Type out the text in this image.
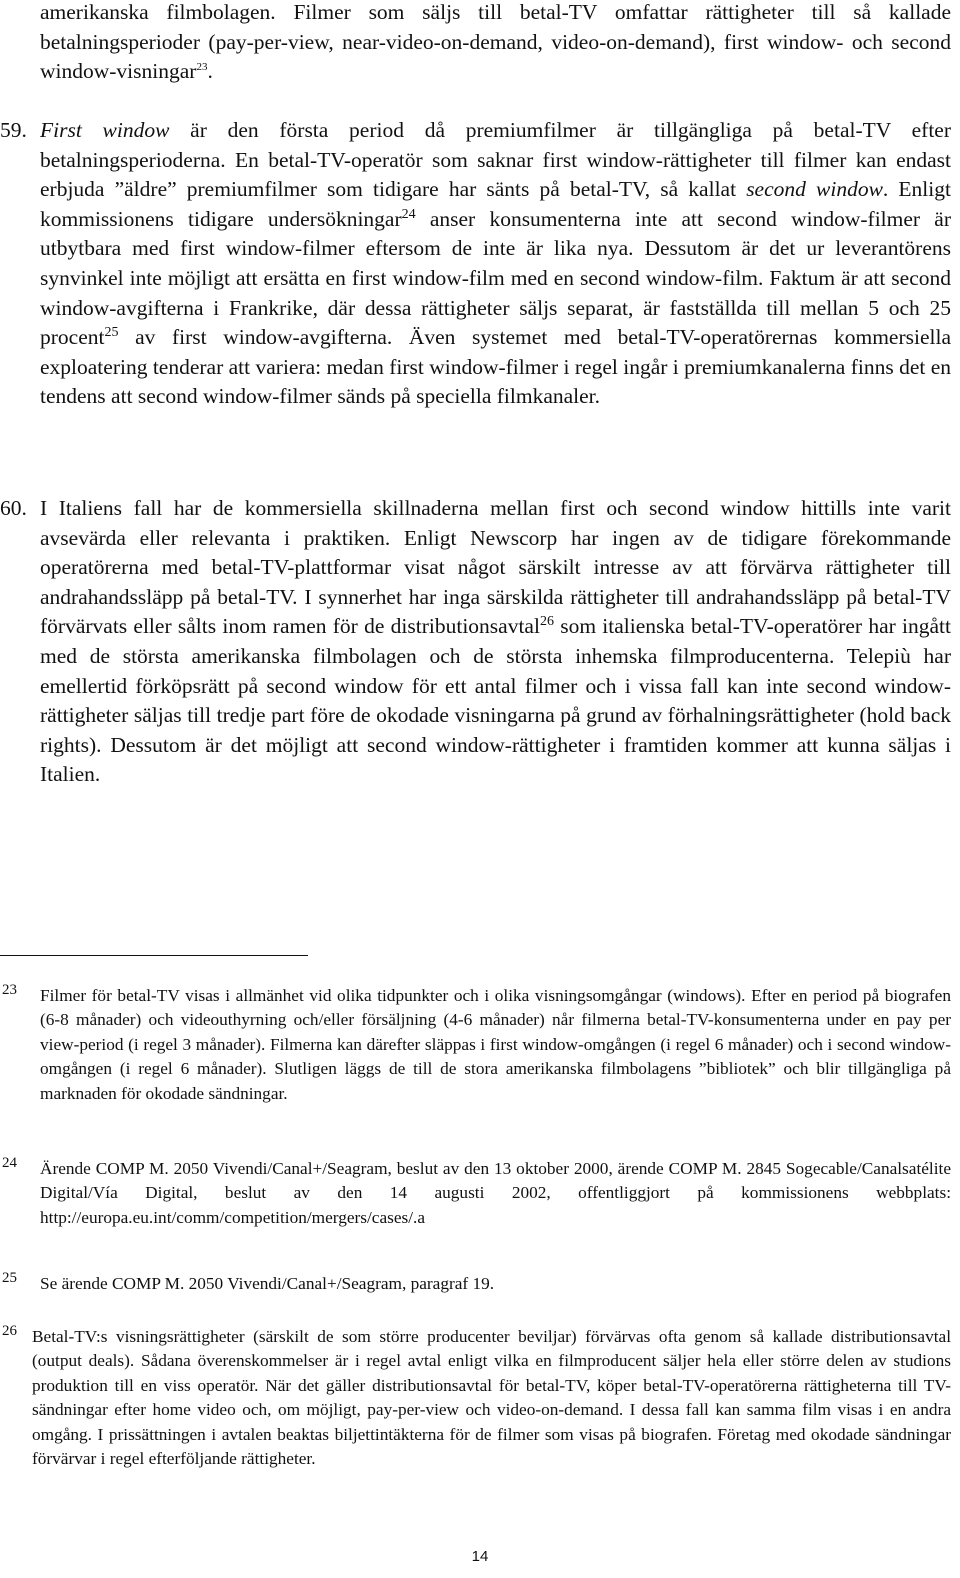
amerikanska filmbolagen. Filmer som säljs till betal-TV omfattar rättigheter till så kallade betalningsperioder (pay-per-view, near-video-on-demand, video-on-demand), first window- och second window-visningar$^{23}$.
59. First window är den första period då premiumfilmer är tillgängliga på betal-TV efter betalningsperioderna. En betal-TV-operatör som saknar first window-rättigheter till filmer kan endast erbjuda ”äldre” premiumfilmer som tidigare har sänts på betal-TV, så kallat second window. Enligt kommissionens tidigare undersökningar$^{24}$ anser konsumenterna inte att second window-filmer är utbytbara med first window-filmer eftersom de inte är lika nya. Dessutom är det ur leverantörens synvinkel inte möjligt att ersätta en first window-film med en second window-film. Faktum är att second window-avgifterna i Frankrike, där dessa rättigheter säljs separat, är fastställda till mellan 5 och 25 procent$^{25}$ av first window-avgifterna. Även systemet med betal-TV-operatörernas kommersiella exploatering tenderar att variera: medan first window-filmer i regel ingår i premiumkanalerna finns det en tendens att second window-filmer sänds på speciella filmkanaler.
60. I Italiens fall har de kommersiella skillnaderna mellan first och second window hittills inte varit avsevärda eller relevanta i praktiken. Enligt Newscorp har ingen av de tidigare förekommande operatörerna med betal-TV-plattformar visat något särskilt intresse av att förvärva rättigheter till andrahandssläpp på betal-TV. I synnerhet har inga särskilda rättigheter till andrahandssläpp på betal-TV förvärvats eller sålts inom ramen för de distributionsavtal$^{26}$ som italienska betal-TV-operatörer har ingått med de största amerikanska filmbolagen och de största inhemska filmproducenterna. Telepiù har emellertid förköpsrätt på second window för ett antal filmer och i vissa fall kan inte second window-rättigheter säljas till tredje part före de okodade visningarna på grund av förhalningsrättigheter (hold back rights). Dessutom är det möjligt att second window-rättigheter i framtiden kommer att kunna säljas i Italien.
23 Filmer för betal-TV visas i allmänhet vid olika tidpunkter och i olika visningsomgångar (windows). Efter en period på biografen (6-8 månader) och videouthyrning och/eller försäljning (4-6 månader) når filmerna betal-TV-konsumenterna under en pay per view-period (i regel 3 månader). Filmerna kan därefter släppas i first window-omgången (i regel 6 månader) och i second window-omgången (i regel 6 månader). Slutligen läggs de till de stora amerikanska filmbolagens ”bibliotek” och blir tillgängliga på marknaden för okodade sändningar.
24 Ärende COMP M. 2050 Vivendi/Canal+/Seagram, beslut av den 13 oktober 2000, ärende COMP M. 2845 Sogecable/Canalsatélite Digital/Vía Digital, beslut av den 14 augusti 2002, offentliggjort på kommissionens webbplats: http://europa.eu.int/comm/competition/mergers/cases/.a
25 Se ärende COMP M. 2050 Vivendi/Canal+/Seagram, paragraf 19.
26 Betal-TV:s visningsrättigheter (särskilt de som större producenter beviljar) förvärvas ofta genom så kallade distributionsavtal (output deals). Sådana överenskommelser är i regel avtal enligt vilka en filmproducent säljer hela eller större delen av studions produktion till en viss operatör. När det gäller distributionsavtal för betal-TV, köper betal-TV-operatörerna rättigheterna till TV-sändningar efter home video och, om möjligt, pay-per-view och video-on-demand. I dessa fall kan samma film visas i en andra omgång. I prissättningen i avtalen beaktas biljettintäkterna för de filmer som visas på biografen. Företag med okodade sändningar förvärvar i regel efterföljande rättigheter.
14
